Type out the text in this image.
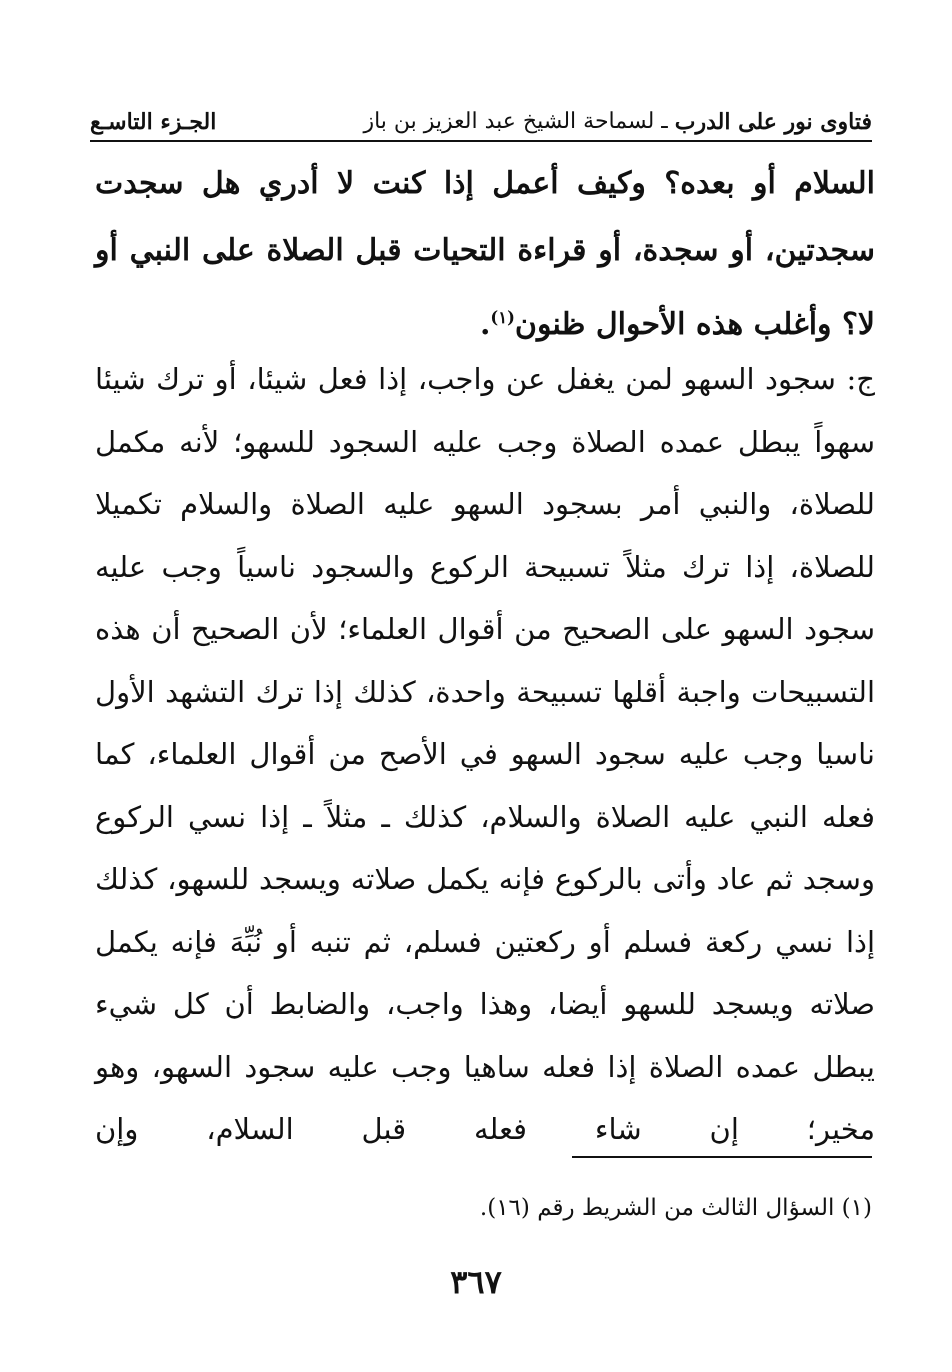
فتاوى نور على الدرب

ـ لسماحة الشيخ عبد العزيز بن باز
الجـزء التاسـع
السلام أو بعده؟ وكيف أعمل إذا كنت لا أدري هل سجدت سجدتين، أو سجدة، أو قراءة التحيات قبل الصلاة على النبي أو لا؟ وأغلب هذه الأحوال ظنون$^{(١)}$.
ج: سجود السهو لمن يغفل عن واجب، إذا فعل شيئا، أو ترك شيئا سهواً يبطل عمده الصلاة وجب عليه السجود للسهو؛ لأنه مكمل للصلاة، والنبي أمر بسجود السهو عليه الصلاة والسلام تكميلا للصلاة، إذا ترك مثلاً تسبيحة الركوع والسجود ناسياً وجب عليه سجود السهو على الصحيح من أقوال العلماء؛ لأن الصحيح أن هذه التسبيحات واجبة أقلها تسبيحة واحدة، كذلك إذا ترك التشهد الأول ناسيا وجب عليه سجود السهو في الأصح من أقوال العلماء، كما فعله النبي عليه الصلاة والسلام، كذلك ـ مثلاً ـ إذا نسي الركوع وسجد ثم عاد وأتى بالركوع فإنه يكمل صلاته ويسجد للسهو، كذلك إذا نسي ركعة فسلم أو ركعتين فسلم، ثم تنبه أو نُبِّهَ فإنه يكمل صلاته ويسجد للسهو أيضا، وهذا واجب، والضابط أن كل شيء يبطل عمده الصلاة إذا فعله ساهيا وجب عليه سجود السهو، وهو مخير؛ إن شاء فعله قبل السلام، وإن
(١) السؤال الثالث من الشريط رقم (١٦).
٣٦٧
